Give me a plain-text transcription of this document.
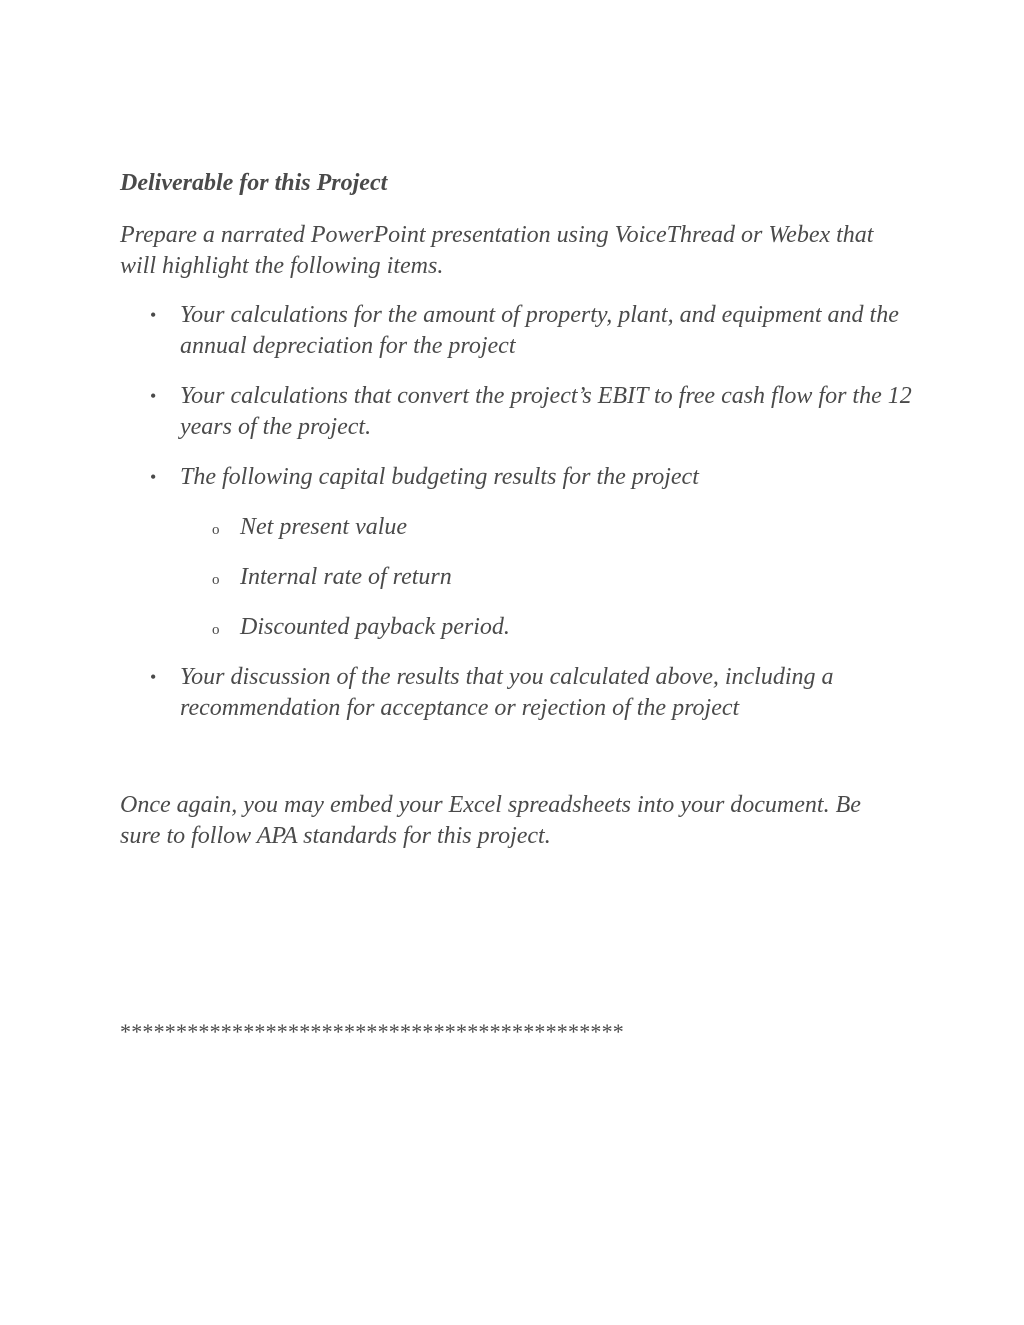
Deliverable for this Project

Prepare a narrated PowerPoint presentation using VoiceThread or Webex that will highlight the following items.

• Your calculations for the amount of property, plant, and equipment and the annual depreciation for the project
• Your calculations that convert the project’s EBIT to free cash flow for the 12 years of the project.
• The following capital budgeting results for the project
o Net present value
o Internal rate of return
o Discounted payback period.
• Your discussion of the results that you calculated above, including a recommendation for acceptance or rejection of the project

Once again, you may embed your Excel spreadsheets into your document. Be sure to follow APA standards for this project.

*********************************************
